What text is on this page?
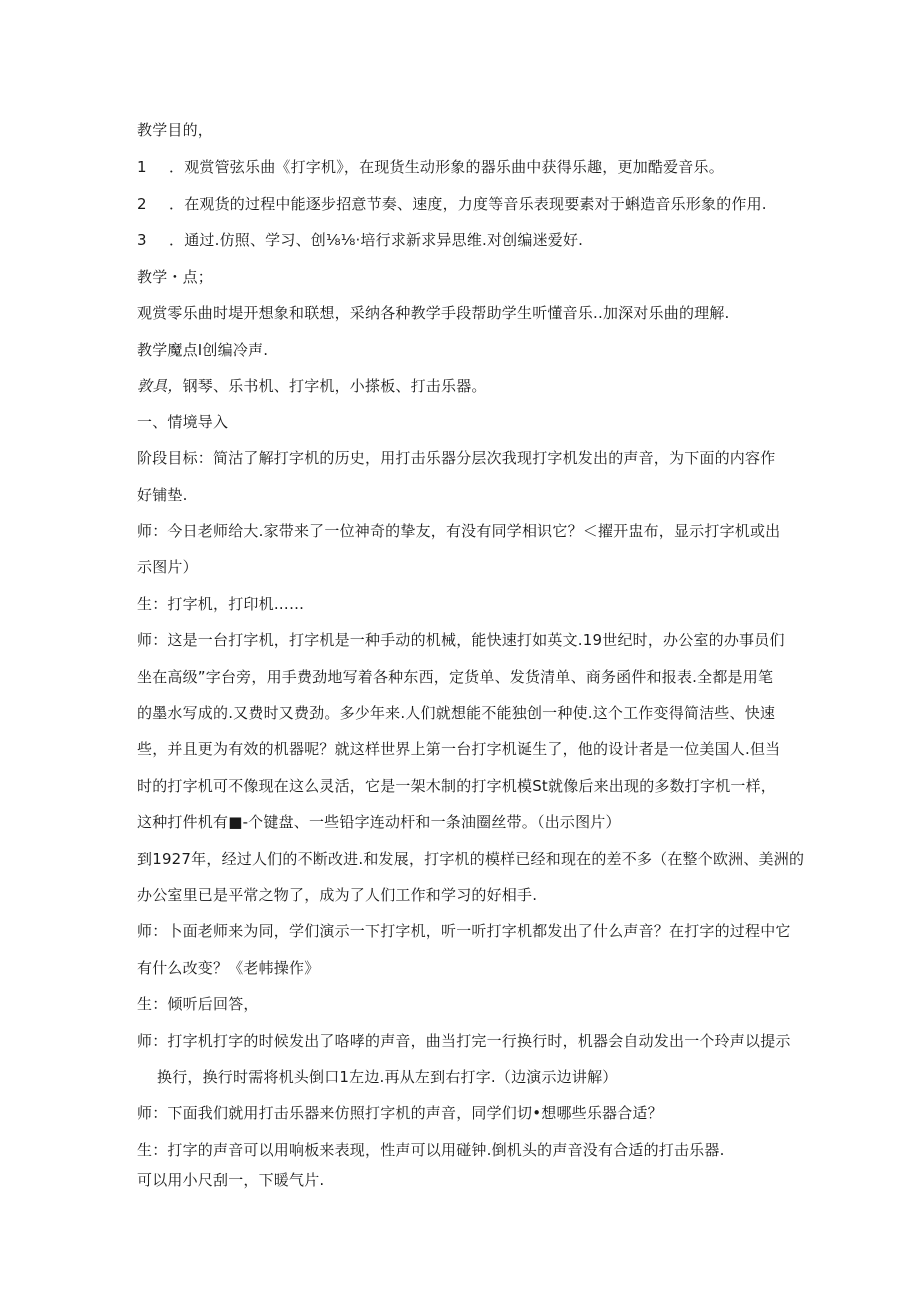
教学目的，
1 ．观赏管弦乐曲《打字机》，在现货生动形象的器乐曲中获得乐趣，更加酷爱音乐。
2 ．在观货的过程中能逐步招意节奏、速度，力度等音乐表现要素对于蝌造音乐形象的作用.
3 ．通过.仿照、学习、创⅛⅛·培行求新求异思维.对创编迷爱好.
教学・点；
观赏零乐曲时堤开想象和联想，采纳各种教学手段帮助学生听懂音乐..加深对乐曲的理解.
教学魔点I创编冷声.
敦具，钢琴、乐书机、打字机，小搽板、打击乐器。
一、情境导入
阶段目标：简沽了解打字机的历史，用打击乐器分层次我现打字机发出的声音，为下面的内容作
好铺垫.
师：今日老师给大.家带来了一位神奇的挚友，有没有同学相识它？＜擢开盅布，显示打字机或出
示图片）
生：打字机，打印机……
师：这是一台打字机，打字机是一种手动的机械，能快速打如英文.19世纪时，办公室的办事员们
坐在高级”字台旁，用手费劲地写着各种东西，定货单、发货清单、商务函件和报表.全都是用笔
的墨水写成的.又费时又费劲。多少年来.人们就想能不能独创一种使.这个工作变得简洁些、快速
些，并且更为有效的机器呢？就这样世界上第一台打字机诞生了，他的设计者是一位美国人.但当
时的打字机可不像现在这么灵活，它是一架木制的打字机模St就像后来出现的多数打字机一样，
这种打件机有■-个键盘、一些铅字连动杆和一条油圈丝带。（出示图片）
到1927年，经过人们的不断改进.和发展，打字机的模样已经和现在的差不多（在整个欧洲、美洲的
办公室里已是平常之物了，成为了人们工作和学习的好相手.
师：卜面老师来为同，学们演示一下打字机，听一听打字机都发出了什么声音？在打字的过程中它
有什么改变？《老帏操作》
生：倾听后回答，
师：打字机打字的时候发出了咯哮的声音，曲当打完一行换行时，机器会自动发出一个玲声以提示
换行，换行时需将机头倒口1左边.再从左到右打字.（边演示边讲解）
师：下面我们就用打击乐器来仿照打字机的声音，同学们切•想哪些乐器合适？
生：打字的声音可以用响板来表现，性声可以用碰钟.倒机头的声音没有合适的打击乐器.
可以用小尺刮一，下暖气片.
